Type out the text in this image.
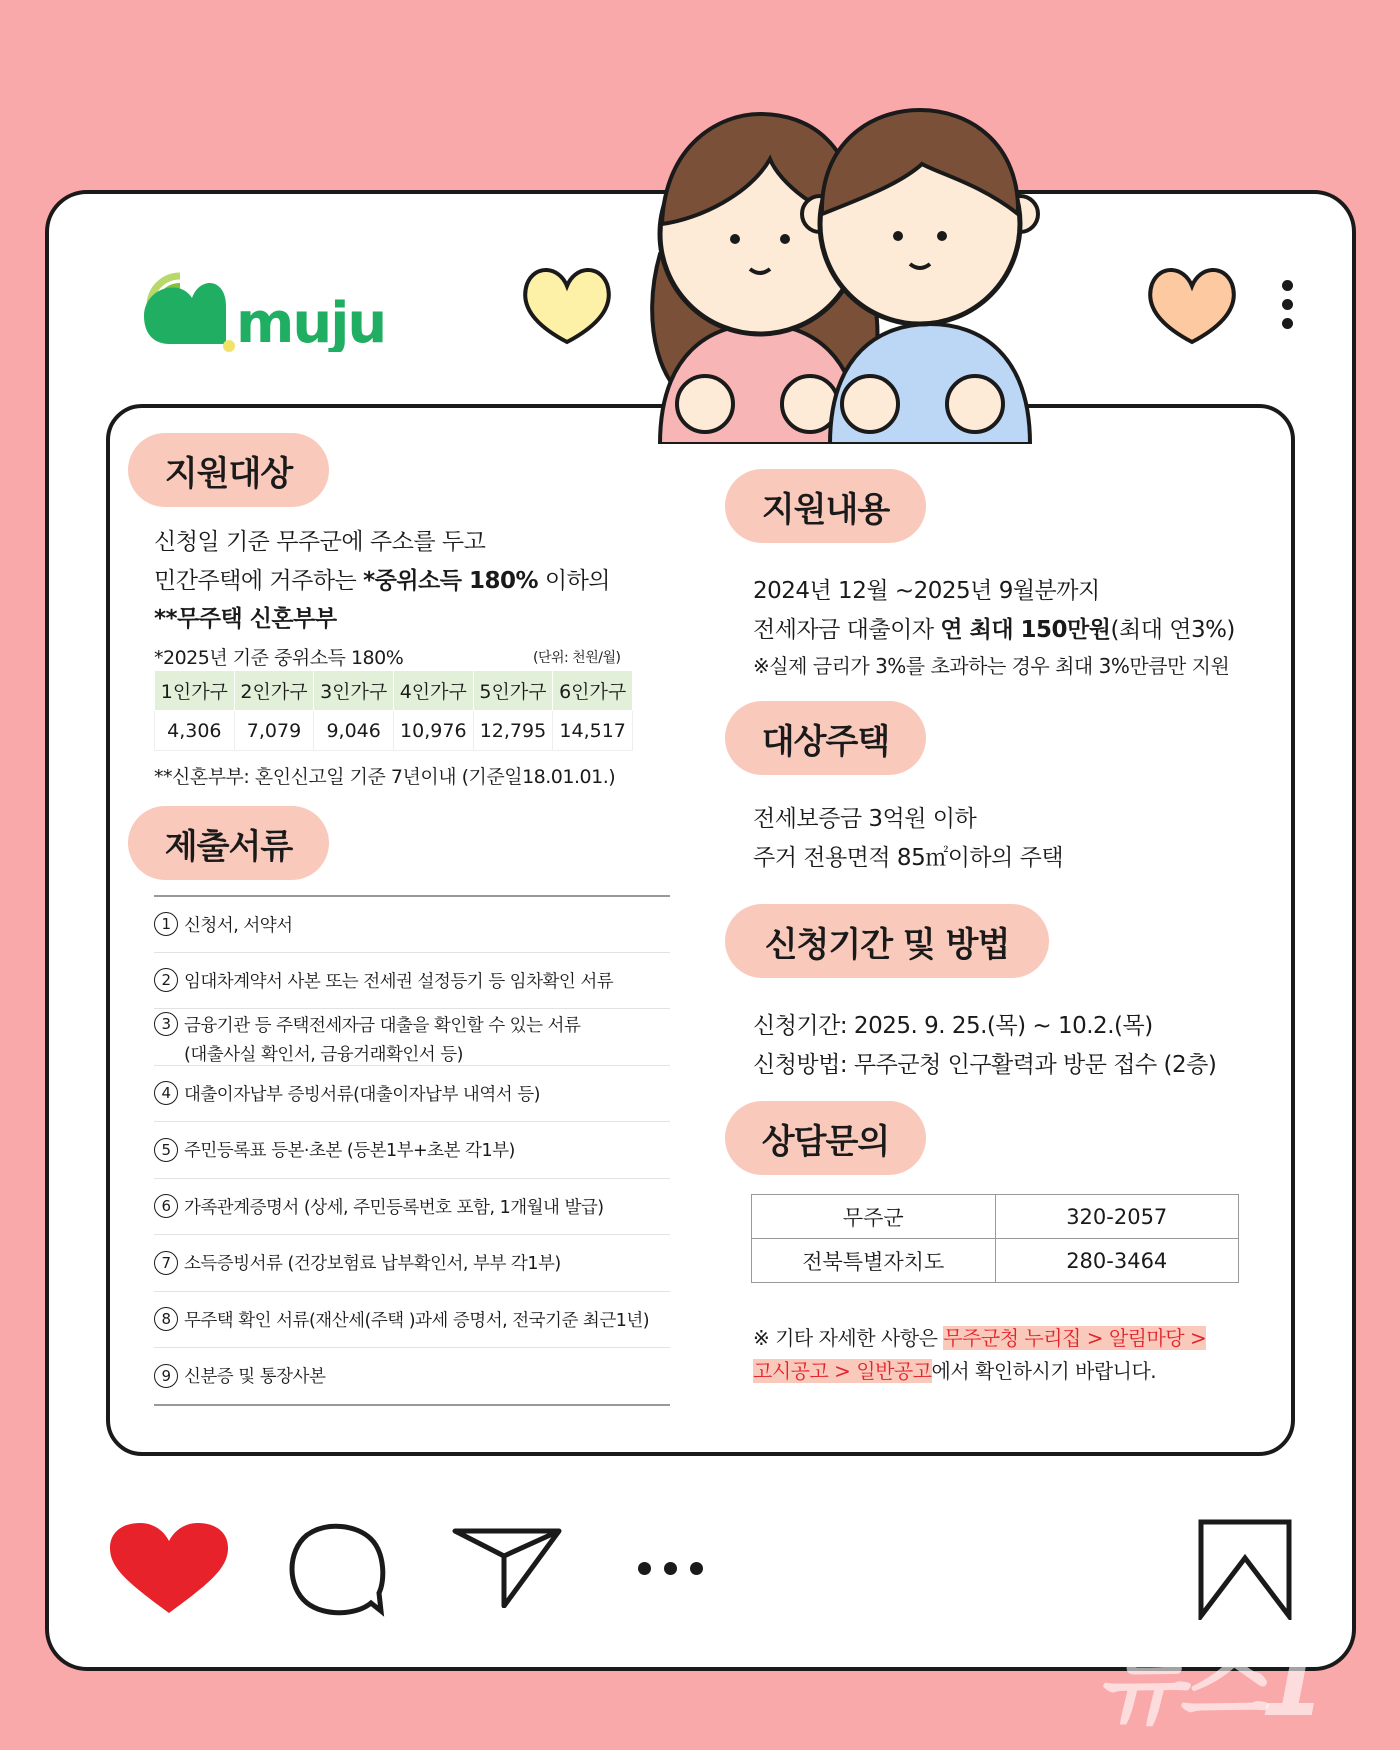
muju
지원대상
신청일 기준 무주군에 주소를 두고
민간주택에 거주하는 *중위소득 180% 이하의
**무주택 신혼부부
*2025년 기준 중위소득 180%	(단위: 천원/월)
1인가구	2인가구	3인가구	4인가구	5인가구	6인가구
4,306	7,079	9,046	10,976	12,795	14,517
**신혼부부: 혼인신고일 기준 7년이내 (기준일18.01.01.)
제출서류
1 신청서, 서약서
2 임대차계약서 사본 또는 전세권 설정등기 등 임차확인 서류
3 금융기관 등 주택전세자금 대출을 확인할 수 있는 서류
(대출사실 확인서, 금융거래확인서 등)
4 대출이자납부 증빙서류(대출이자납부 내역서 등)
5 주민등록표 등본·초본 (등본1부+초본 각1부)
6 가족관계증명서 (상세, 주민등록번호 포함, 1개월내 발급)
7 소득증빙서류 (건강보험료 납부확인서, 부부 각1부)
8 무주택 확인 서류(재산세(주택 )과세 증명서, 전국기준 최근1년)
9 신분증 및 통장사본
지원내용
2024년 12월 ~2025년 9월분까지
전세자금 대출이자 연 최대 150만원(최대 연3%)
※실제 금리가 3%를 초과하는 경우 최대 3%만큼만 지원
대상주택
전세보증금 3억원 이하
주거 전용면적 85㎡이하의 주택
신청기간 및 방법
신청기간: 2025. 9. 25.(목) ~ 10.2.(목)
신청방법: 무주군청 인구활력과 방문 접수 (2층)
상담문의
무주군	320-2057
전북특별자치도	280-3464
※ 기타 자세한 사항은 무주군청 누리집 > 알림마당 >
고시공고 > 일반공고에서 확인하시기 바랍니다.
뉴스1
